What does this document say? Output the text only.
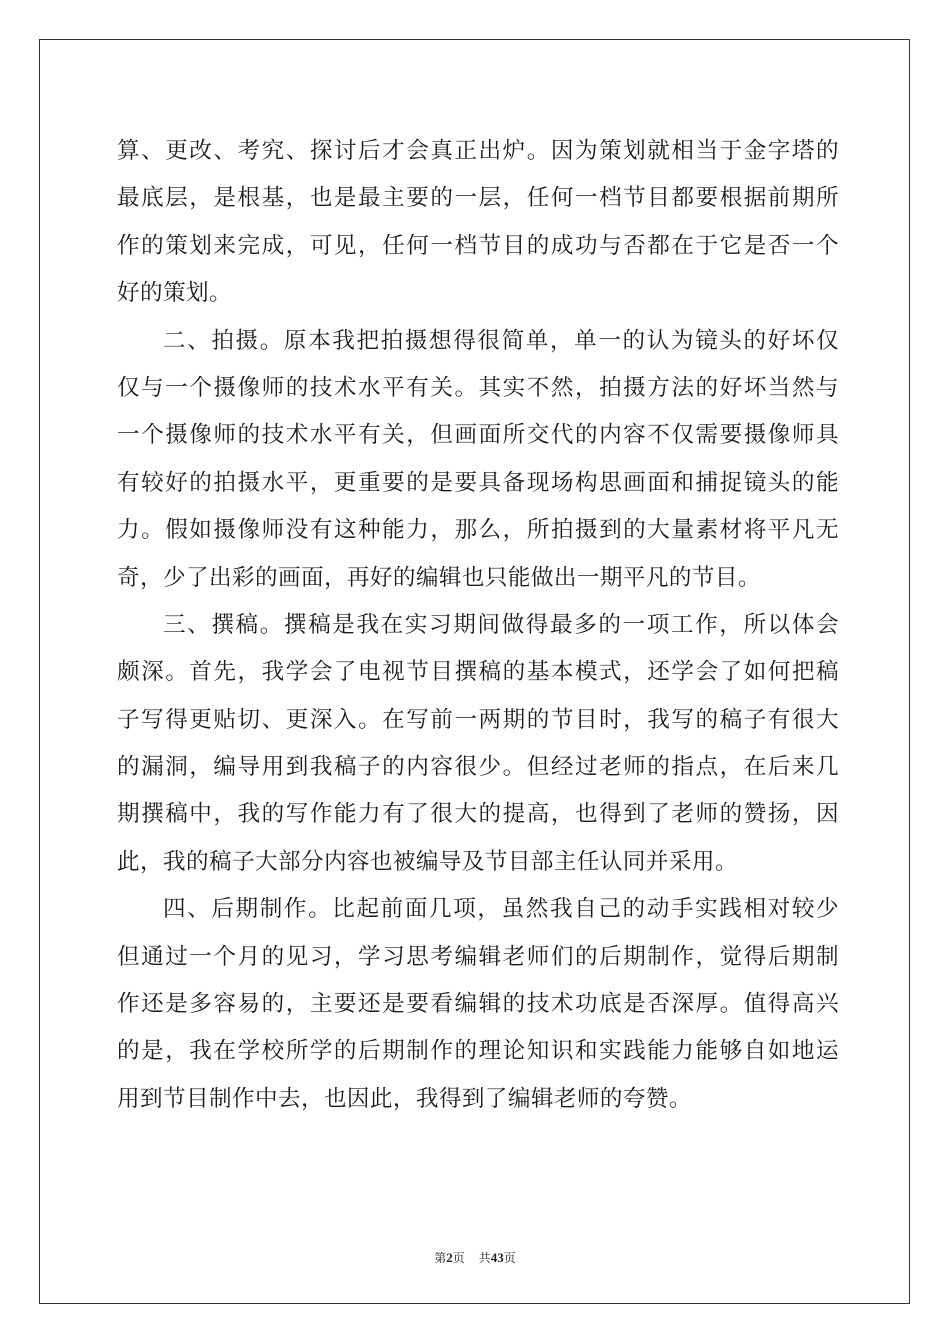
算、更改、考究、探讨后才会真正出炉。因为策划就相当于金字塔的
最底层，是根基，也是最主要的一层，任何一档节目都要根据前期所
作的策划来完成，可见，任何一档节目的成功与否都在于它是否一个
好的策划。
二、拍摄。原本我把拍摄想得很简单，单一的认为镜头的好坏仅
仅与一个摄像师的技术水平有关。其实不然，拍摄方法的好坏当然与
一个摄像师的技术水平有关，但画面所交代的内容不仅需要摄像师具
有较好的拍摄水平，更重要的是要具备现场构思画面和捕捉镜头的能
力。假如摄像师没有这种能力，那么，所拍摄到的大量素材将平凡无
奇，少了出彩的画面，再好的编辑也只能做出一期平凡的节目。
三、撰稿。撰稿是我在实习期间做得最多的一项工作，所以体会
颇深。首先，我学会了电视节目撰稿的基本模式，还学会了如何把稿
子写得更贴切、更深入。在写前一两期的节目时，我写的稿子有很大
的漏洞，编导用到我稿子的内容很少。但经过老师的指点，在后来几
期撰稿中，我的写作能力有了很大的提高，也得到了老师的赞扬，因
此，我的稿子大部分内容也被编导及节目部主任认同并采用。
四、后期制作。比起前面几项，虽然我自己的动手实践相对较少
但通过一个月的见习，学习思考编辑老师们的后期制作，觉得后期制
作还是多容易的，主要还是要看编辑的技术功底是否深厚。值得高兴
的是，我在学校所学的后期制作的理论知识和实践能力能够自如地运
用到节目制作中去，也因此，我得到了编辑老师的夸赞。
第2页 共43页
